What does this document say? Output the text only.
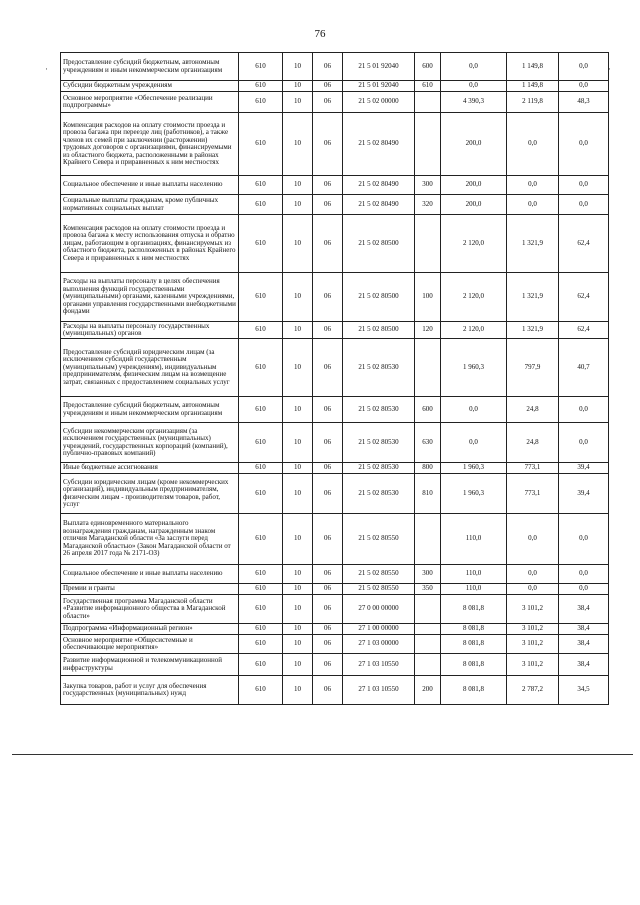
76
·	·
Предоставление субсидий бюджетным, автономным учреждениям и иным некоммерческим организациям	610	10	06	21 5 01 92040	600	0,0	1 149,8	0,0
Субсидии бюджетным учреждениям	610	10	06	21 5 01 92040	610	0,0	1 149,8	0,0
Основное мероприятие «Обеспечение реализации подпрограммы»	610	10	06	21 5 02 00000		4 390,3	2 119,8	48,3
Компенсация расходов на оплату стоимости проезда и провоза багажа при переезде лиц (работников), а также членов их семей при заключении (расторжении) трудовых договоров с организациями, финансируемыми из областного бюджета, расположенными в районах Крайнего Севера и приравненных к ним местностях	610	10	06	21 5 02 80490		200,0	0,0	0,0
Социальное обеспечение и иные выплаты населению	610	10	06	21 5 02 80490	300	200,0	0,0	0,0
Социальные выплаты гражданам, кроме публичных нормативных социальных выплат	610	10	06	21 5 02 80490	320	200,0	0,0	0,0
Компенсация расходов на оплату стоимости проезда и провоза багажа к месту использования отпуска и обратно лицам, работающим в организациях, финансируемых из областного бюджета, расположенных в районах Крайнего Севера и приравненных к ним местностях	610	10	06	21 5 02 80500		2 120,0	1 321,9	62,4
Расходы на выплаты персоналу в целях обеспечения выполнения функций государственными (муниципальными) органами, казенными учреждениями, органами управления государственными внебюджетными фондами	610	10	06	21 5 02 80500	100	2 120,0	1 321,9	62,4
Расходы на выплаты персоналу государственных (муниципальных) органов	610	10	06	21 5 02 80500	120	2 120,0	1 321,9	62,4
Предоставление субсидий юридическим лицам (за исключением субсидий государственным (муниципальным) учреждениям), индивидуальным предпринимателям, физическим лицам на возмещение затрат, связанных с предоставлением социальных услуг	610	10	06	21 5 02 80530		1 960,3	797,9	40,7
Предоставление субсидий бюджетным, автономным учреждениям и иным некоммерческим организациям	610	10	06	21 5 02 80530	600	0,0	24,8	0,0
Субсидии некоммерческим организациям (за исключением государственных (муниципальных) учреждений, государственных корпораций (компаний), публично-правовых компаний)	610	10	06	21 5 02 80530	630	0,0	24,8	0,0
Иные бюджетные ассигнования	610	10	06	21 5 02 80530	800	1 960,3	773,1	39,4
Субсидии юридическим лицам (кроме некоммерческих организаций), индивидуальным предпринимателям, физическим лицам - производителям товаров, работ, услуг	610	10	06	21 5 02 80530	810	1 960,3	773,1	39,4
Выплата единовременного материального вознаграждения гражданам, награжденным знаком отличия Магаданской области «За заслуги перед Магаданской областью» (Закон Магаданской области от 26 апреля 2017 года № 2171-ОЗ)	610	10	06	21 5 02 80550		110,0	0,0	0,0
Социальное обеспечение и иные выплаты населению	610	10	06	21 5 02 80550	300	110,0	0,0	0,0
Премии и гранты	610	10	06	21 5 02 80550	350	110,0	0,0	0,0
Государственная программа Магаданской области «Развитие информационного общества в Магаданской области»	610	10	06	27 0 00 00000		8 081,8	3 101,2	38,4
Подпрограмма «Информационный регион»	610	10	06	27 1 00 00000		8 081,8	3 101,2	38,4
Основное мероприятие «Общесистемные и обеспечивающие мероприятия»	610	10	06	27 1 03 00000		8 081,8	3 101,2	38,4
Развитие информационной и телекоммуникационной инфраструктуры	610	10	06	27 1 03 10550		8 081,8	3 101,2	38,4
Закупка товаров, работ и услуг для обеспечения государственных (муниципальных) нужд	610	10	06	27 1 03 10550	200	8 081,8	2 787,2	34,5
